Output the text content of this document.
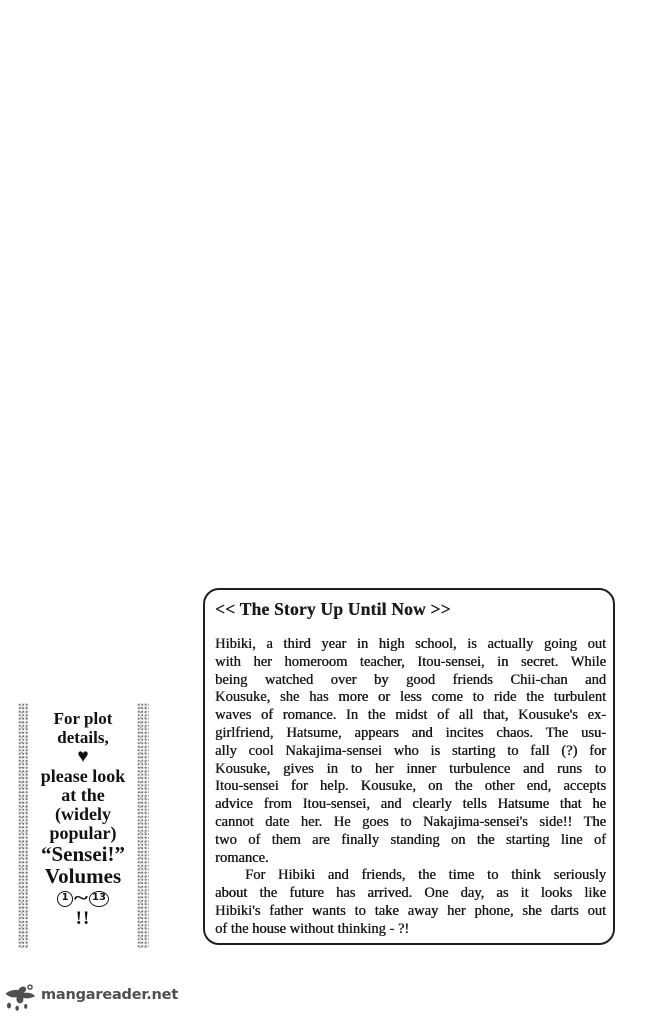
<< The Story Up Until Now >>
Hibiki, a third year in high school, is actually going out
with her homeroom teacher, Itou-sensei, in secret. While
being watched over by good friends Chii-chan and
Kousuke, she has more or less come to ride the turbulent
waves of romance. In the midst of all that, Kousuke's ex-
girlfriend, Hatsume, appears and incites chaos. The usu-
ally cool Nakajima-sensei who is starting to fall (?) for
Kousuke, gives in to her inner turbulence and runs to
Itou-sensei for help. Kousuke, on the other end, accepts
advice from Itou-sensei, and clearly tells Hatsume that he
cannot date her. He goes to Nakajima-sensei's side!! The
two of them are finally standing on the starting line of
romance.
For Hibiki and friends, the time to think seriously
about the future has arrived. One day, as it looks like
Hibiki's father wants to take away her phone, she darts out
of the house without thinking - ?!
For plot
details,
♥
please look
at the
(widely
popular)
“Sensei!”
Volumes
1 ~ 13
!!
mangareader.net
